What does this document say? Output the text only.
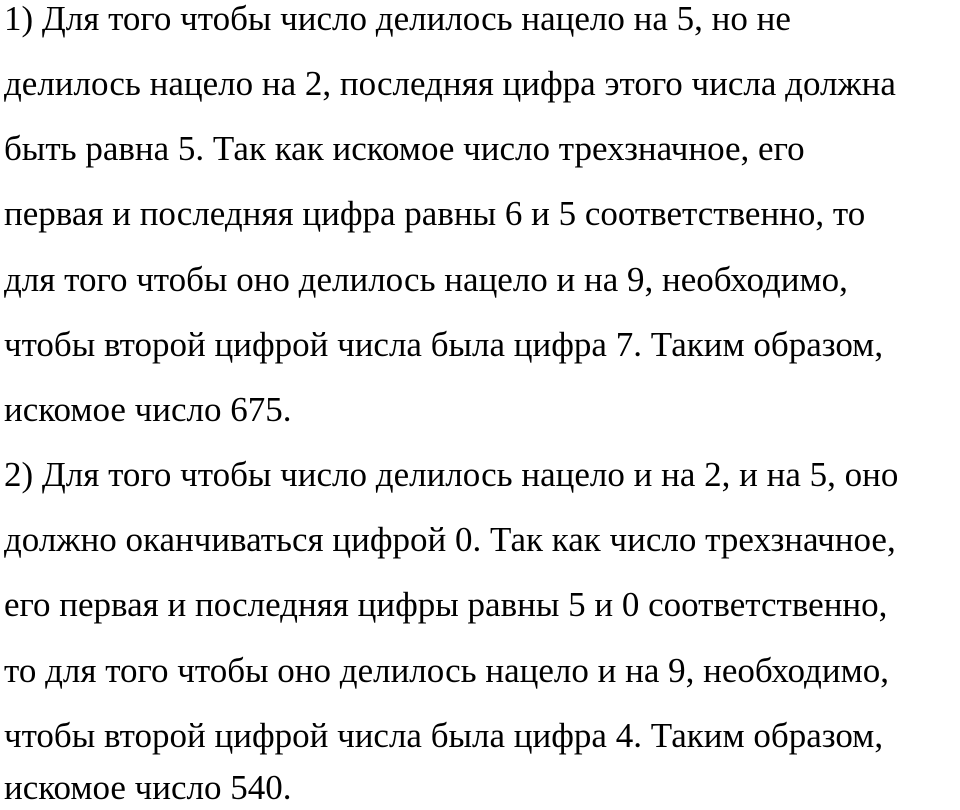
1) Для того чтобы число делилось нацело на 5, но не

делилось нацело на 2, последняя цифра этого числа должна

быть равна 5. Так как искомое число трехзначное, его

первая и последняя цифра равны 6 и 5 соответственно, то

для того чтобы оно делилось нацело и на 9, необходимо,

чтобы второй цифрой числа была цифра 7. Таким образом,

искомое число 675.

2) Для того чтобы число делилось нацело и на 2, и на 5, оно

должно оканчиваться цифрой 0. Так как число трехзначное,

его первая и последняя цифры равны 5 и 0 соответственно,

то для того чтобы оно делилось нацело и на 9, необходимо,

чтобы второй цифрой числа была цифра 4. Таким образом,

искомое число 540.
